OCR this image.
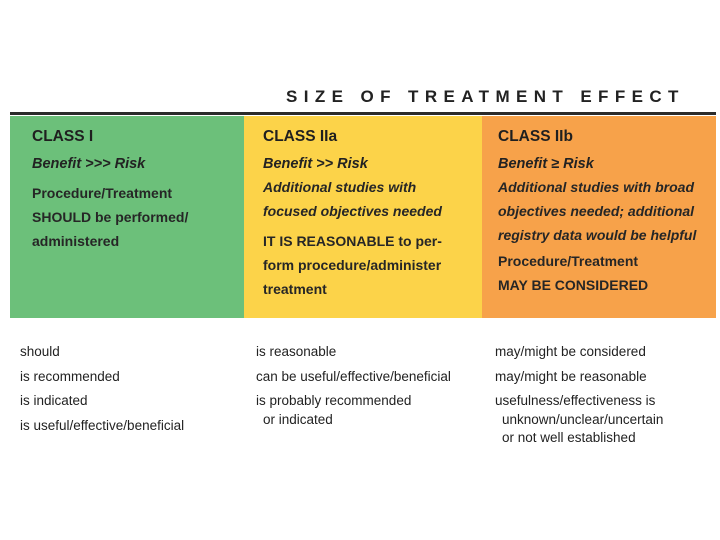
SIZE OF TREATMENT EFFECT
CLASS I
Benefit >>> Risk
Procedure/Treatment
SHOULD be performed/
administered
CLASS IIa
Benefit >> Risk
Additional studies with
focused objectives needed
IT IS REASONABLE to per-
form procedure/administer
treatment
CLASS IIb
Benefit ≥ Risk
Additional studies with broad
objectives needed; additional
registry data would be helpful
Procedure/Treatment
MAY BE CONSIDERED
should
is recommended
is indicated
is useful/effective/beneficial
is reasonable
can be useful/effective/beneficial
is probably recommended
or indicated
may/might be considered
may/might be reasonable
usefulness/effectiveness is
unknown/unclear/uncertain
or not well established
